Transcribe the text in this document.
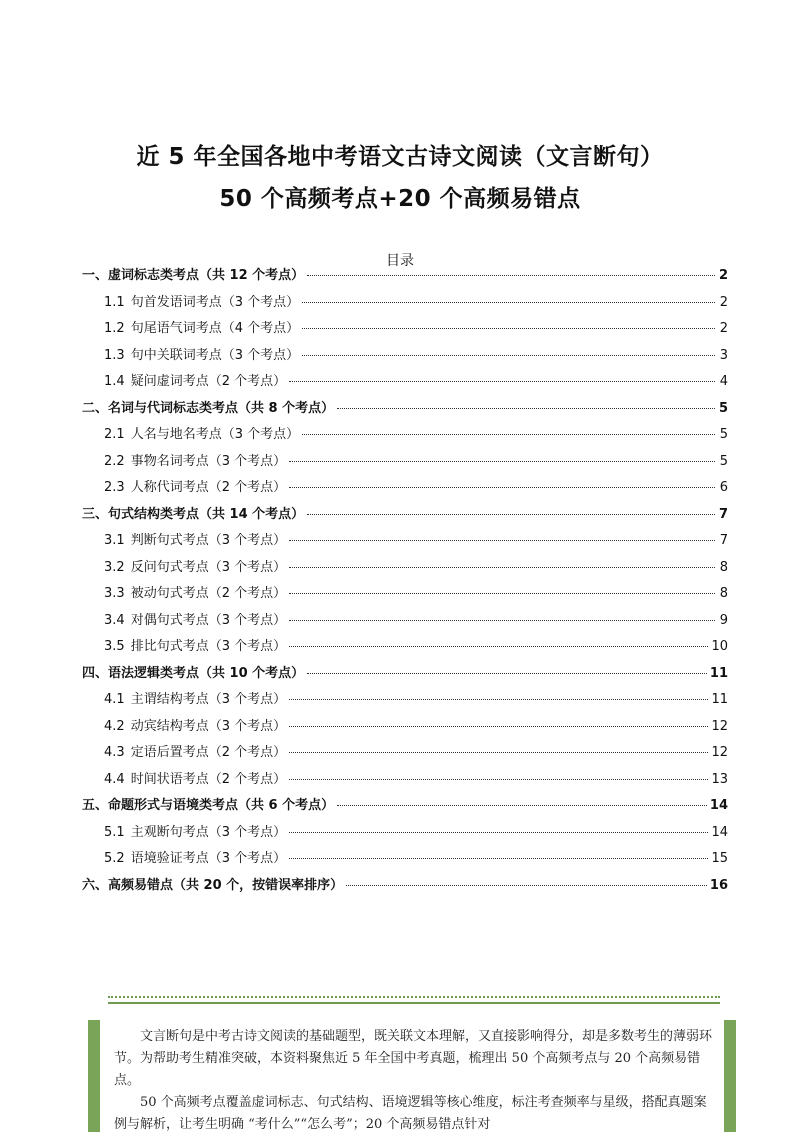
近 5 年全国各地中考语文古诗文阅读（文言断句）
50 个高频考点+20 个高频易错点
目录
一、虚词标志类考点（共 12 个考点）	2
1.1 句首发语词考点（3 个考点）	2
1.2 句尾语气词考点（4 个考点）	2
1.3 句中关联词考点（3 个考点）	3
1.4 疑问虚词考点（2 个考点）	4
二、名词与代词标志类考点（共 8 个考点）	5
2.1 人名与地名考点（3 个考点）	5
2.2 事物名词考点（3 个考点）	5
2.3 人称代词考点（2 个考点）	6
三、句式结构类考点（共 14 个考点）	7
3.1 判断句式考点（3 个考点）	7
3.2 反问句式考点（3 个考点）	8
3.3 被动句式考点（2 个考点）	8
3.4 对偶句式考点（3 个考点）	9
3.5 排比句式考点（3 个考点）	10
四、语法逻辑类考点（共 10 个考点）	11
4.1 主谓结构考点（3 个考点）	11
4.2 动宾结构考点（3 个考点）	12
4.3 定语后置考点（2 个考点）	12
4.4 时间状语考点（2 个考点）	13
五、命题形式与语境类考点（共 6 个考点）	14
5.1 主观断句考点（3 个考点）	14
5.2 语境验证考点（3 个考点）	15
六、高频易错点（共 20 个，按错误率排序）	16

文言断句是中考古诗文阅读的基础题型，既关联文本理解，又直接影响得分，却是多数考生的薄弱环节。为帮助考生精准突破，本资料聚焦近 5 年全国中考真题，梳理出 50 个高频考点与 20 个高频易错点。

50 个高频考点覆盖虚词标志、句式结构、语境逻辑等核心维度，标注考查频率与星级，搭配真题案例与解析，让考生明确 “考什么”“怎么考”；20 个高频易错点针对
